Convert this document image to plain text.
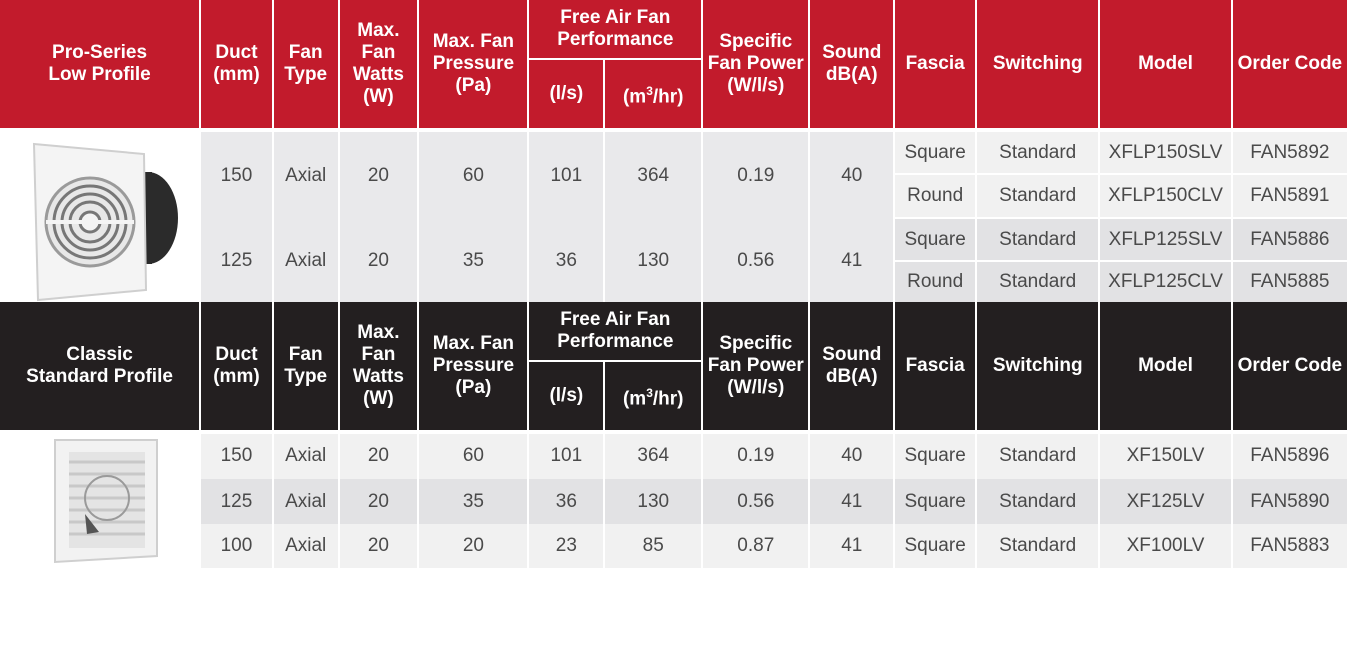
Pro-Series
Low Profile	Duct (mm)	Fan Type	Max. Fan Watts (W)	Max. Fan Pressure (Pa)	Free Air Fan Performance		Specific Fan Power (W/l/s)	Sound dB(A)	Fascia	Switching	Model	Order Code
					(l/s)	$(m^3/hr)$						

	150	Axial	20	60	101	364	0.19	40	Square	Standard	XFLP150SLV	FAN5892
									Round	Standard	XFLP150CLV	FAN5891
	125	Axial	20	35	36	130	0.56	41	Square	Standard	XFLP125SLV	FAN5886
									Round	Standard	XFLP125CLV	FAN5885
Classic
Standard Profile	Duct (mm)	Fan Type	Max. Fan Watts (W)	Max. Fan Pressure (Pa)	Free Air Fan Performance		Specific Fan Power (W/l/s)	Sound dB(A)	Fascia	Switching	Model	Order Code
					(l/s)	$(m^3/hr)$						

	150	Axial	20	60	101	364	0.19	40	Square	Standard	XF150LV	FAN5896
	125	Axial	20	35	36	130	0.56	41	Square	Standard	XF125LV	FAN5890
	100	Axial	20	20	23	85	0.87	41	Square	Standard	XF100LV	FAN5883
